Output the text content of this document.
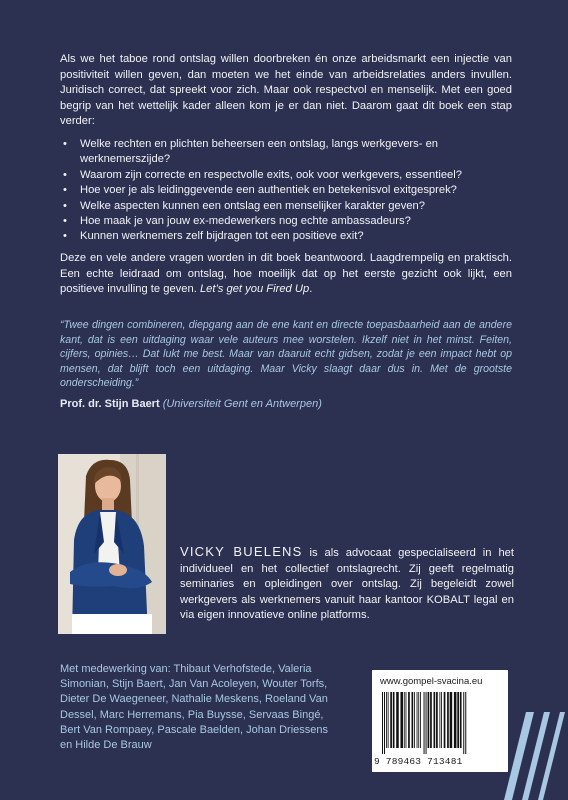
Als we het taboe rond ontslag willen doorbreken én onze arbeidsmarkt een injectie van positiviteit willen geven, dan moeten we het einde van arbeidsrelaties anders invullen. Juridisch correct, dat spreekt voor zich. Maar ook respectvol en menselijk. Met een goed begrip van het wettelijk kader alleen kom je er dan niet. Daarom gaat dit boek een stap verder:

• Welke rechten en plichten beheersen een ontslag, langs werkgevers- en werknemerszijde?
• Waarom zijn correcte en respectvolle exits, ook voor werkgevers, essentieel?
• Hoe voer je als leidinggevende een authentiek en betekenisvol exitgesprek?
• Welke aspecten kunnen een ontslag een menselijker karakter geven?
• Hoe maak je van jouw ex-medewerkers nog echte ambassadeurs?
• Kunnen werknemers zelf bijdragen tot een positieve exit?

Deze en vele andere vragen worden in dit boek beantwoord. Laagdrempelig en praktisch. Een echte leidraad om ontslag, hoe moeilijk dat op het eerste gezicht ook lijkt, een positieve invulling te geven. Let’s get you Fired Up.

“Twee dingen combineren, diepgang aan de ene kant en directe toepasbaarheid aan de andere kant, dat is een uitdaging waar vele auteurs mee worstelen. Ikzelf niet in het minst. Feiten, cijfers, opinies… Dat lukt me best. Maar van daaruit echt gidsen, zodat je een impact hebt op mensen, dat blijft toch een uitdaging. Maar Vicky slaagt daar dus in. Met de grootste onderscheiding.”

Prof. dr. Stijn Baert (Universiteit Gent en Antwerpen)

VICKY BUELENS is als advocaat gespecialiseerd in het individueel en het collectief ontslagrecht. Zij geeft regelmatig seminaries en opleidingen over ontslag. Zij begeleidt zowel werkgevers als werknemers vanuit haar kantoor KOBALT legal en via eigen innovatieve online platforms.

Met medewerking van: Thibaut Verhofstede, Valeria Simonian, Stijn Baert, Jan Van Acoleyen, Wouter Torfs, Dieter De Waegeneer, Nathalie Meskens, Roeland Van Dessel, Marc Herremans, Pia Buysse, Servaas Bingé, Bert Van Rompaey, Pascale Baelden, Johan Driessens en Hilde De Brauw

www.gompel-svacina.eu
9 789463 713481
